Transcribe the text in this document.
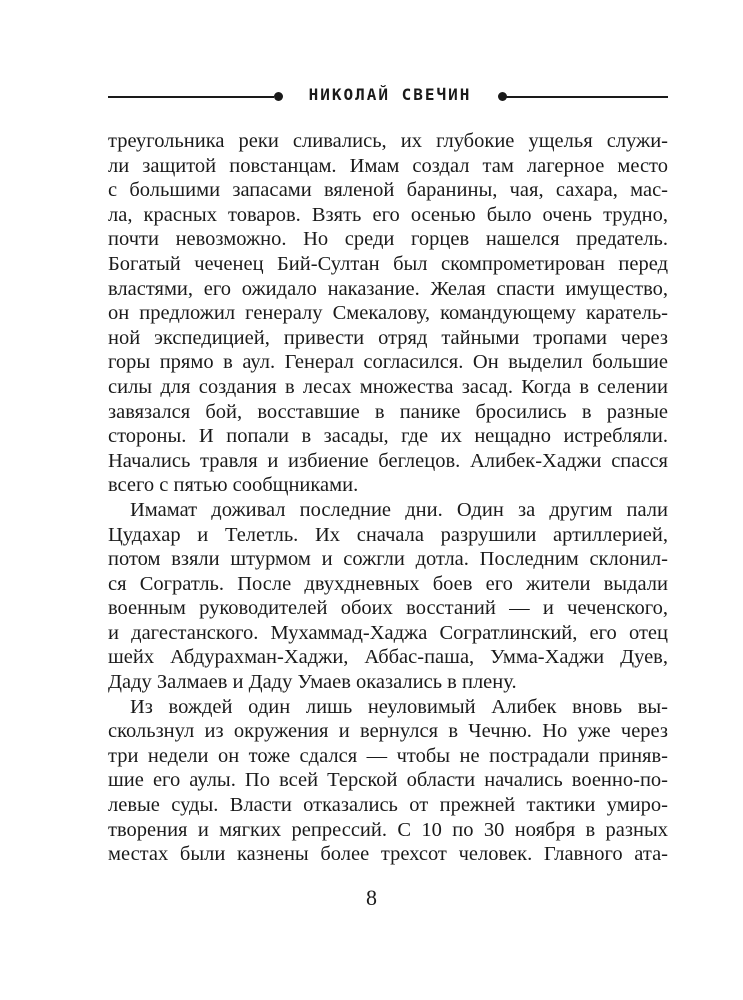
НИКОЛАЙ СВЕЧИН
треугольника реки сливались, их глубокие ущелья служи-
ли защитой повстанцам. Имам создал там лагерное место
с большими запасами вяленой баранины, чая, сахара, мас-
ла, красных товаров. Взять его осенью было очень трудно,
почти невозможно. Но среди горцев нашелся предатель.
Богатый чеченец Бий-Султан был скомпрометирован перед
властями, его ожидало наказание. Желая спасти имущество,
он предложил генералу Смекалову, командующему каратель-
ной экспедицией, привести отряд тайными тропами через
горы прямо в аул. Генерал согласился. Он выделил большие
силы для создания в лесах множества засад. Когда в селении
завязался бой, восставшие в панике бросились в разные
стороны. И попали в засады, где их нещадно истребляли.
Начались травля и избиение беглецов. Алибек-Хаджи спасся
всего с пятью сообщниками.
Имамат доживал последние дни. Один за другим пали
Цудахар и Телетль. Их сначала разрушили артиллерией,
потом взяли штурмом и сожгли дотла. Последним склонил-
ся Согратль. После двухдневных боев его жители выдали
военным руководителей обоих восстаний — и чеченского,
и дагестанского. Мухаммад-Хаджа Согратлинский, его отец
шейх Абдурахман-Хаджи, Аббас-паша, Умма-Хаджи Дуев,
Даду Залмаев и Даду Умаев оказались в плену.
Из вождей один лишь неуловимый Алибек вновь вы-
скользнул из окружения и вернулся в Чечню. Но уже через
три недели он тоже сдался — чтобы не пострадали приняв-
шие его аулы. По всей Терской области начались военно-по-
левые суды. Власти отказались от прежней тактики умиро-
творения и мягких репрессий. С 10 по 30 ноября в разных
местах были казнены более трехсот человек. Главного ата-
8
